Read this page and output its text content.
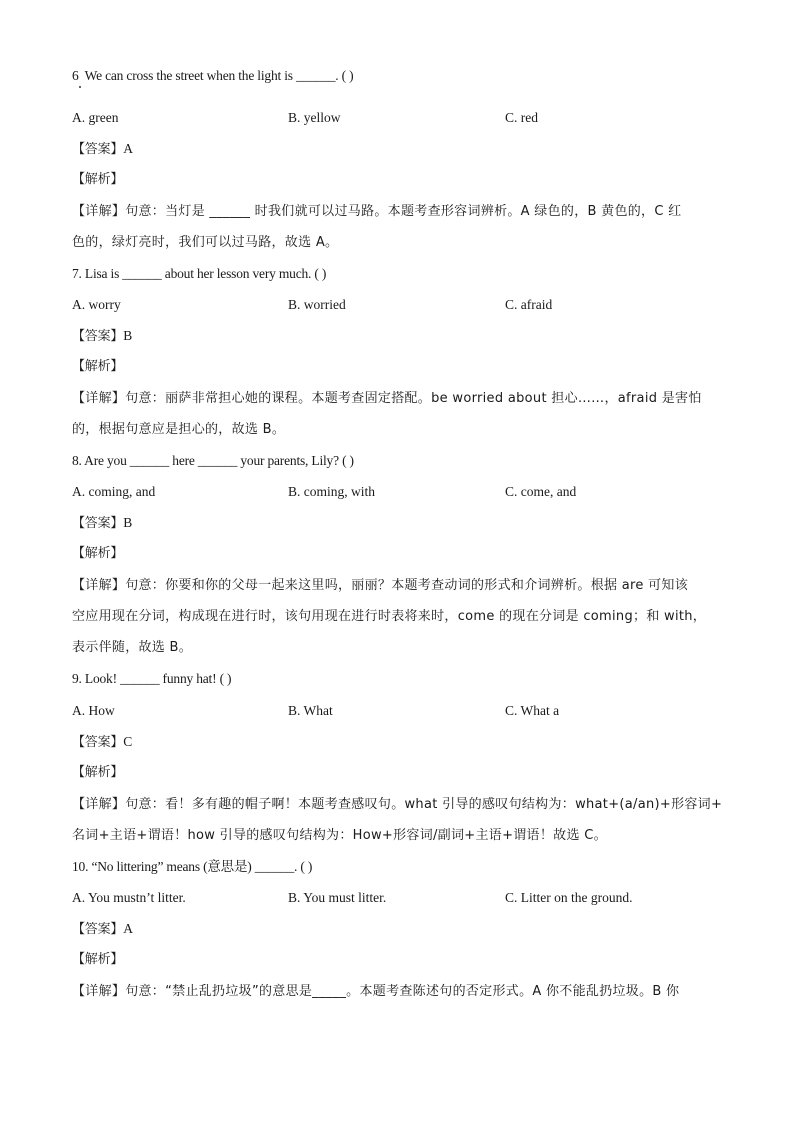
6 We can cross the street when the light is ______. ( )
A. green	B. yellow	C. red
【答案】A
【解析】
【详解】句意：当灯是 ______ 时我们就可以过马路。本题考查形容词辨析。A 绿色的，B 黄色的，C 红
色的，绿灯亮时，我们可以过马路，故选 A。
7. Lisa is ______ about her lesson very much. ( )
A. worry	B. worried	C. afraid
【答案】B
【解析】
【详解】句意：丽萨非常担心她的课程。本题考查固定搭配。be worried about 担心……，afraid 是害怕
的，根据句意应是担心的，故选 B。
8. Are you ______ here ______ your parents, Lily? ( )
A. coming, and	B. coming, with	C. come, and
【答案】B
【解析】
【详解】句意：你要和你的父母一起来这里吗，丽丽？本题考查动词的形式和介词辨析。根据 are 可知该
空应用现在分词，构成现在进行时，该句用现在进行时表将来时，come 的现在分词是 coming；和 with，
表示伴随，故选 B。
9. Look! ______ funny hat! ( )
A. How	B. What	C. What a
【答案】C
【解析】
【详解】句意：看！多有趣的帽子啊！本题考查感叹句。what 引导的感叹句结构为：what+(a/an)+形容词+
名词+主语+谓语！how 引导的感叹句结构为：How+形容词/副词+主语+谓语！故选 C。
10. “No littering” means (意思是) ______. ( )
A. You mustn’t litter.	B. You must litter.	C. Litter on the ground.
【答案】A
【解析】
【详解】句意：“禁止乱扔垃圾”的意思是_____。本题考查陈述句的否定形式。A 你不能乱扔垃圾。B 你
